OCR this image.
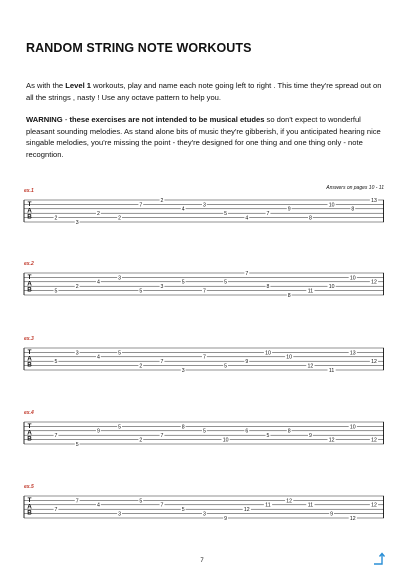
RANDOM STRING NOTE WORKOUTS
As with the Level 1 workouts, play and name each note going left to right . This time they're spread out on all the strings , nasty ! Use any octave pattern to help you.
WARNING - these exercises are not intended to be musical etudes so don't expect to wonderful pleasant sounding melodies. As stand alone bits of music they're gibberish, if you anticipated hearing nice singable melodies, you're missing the point - they're designed for one thing and one thing only - note recogntion.
Answers on pages 10 - 11
ex.1
T
A
B	2
3
2
2
7
2
4
3
5
4
7
9
8
10
8
13
ex.2
T
A
B	5
2
4
3
5
3
5
7
5
7
8
8
11
10
10
12
ex.3
T
A
B	5
3
4
5
2
7
3
7
5
9
10
10
12
11
13
12
ex.4
T
A
B	7
5
9
5
2
7
8
5
10
6
5
8
9
12
10
12
ex.5
T
A
B	7
7
4
3
5
7
5
3
9
12
11
12
11
9
12
12
7
